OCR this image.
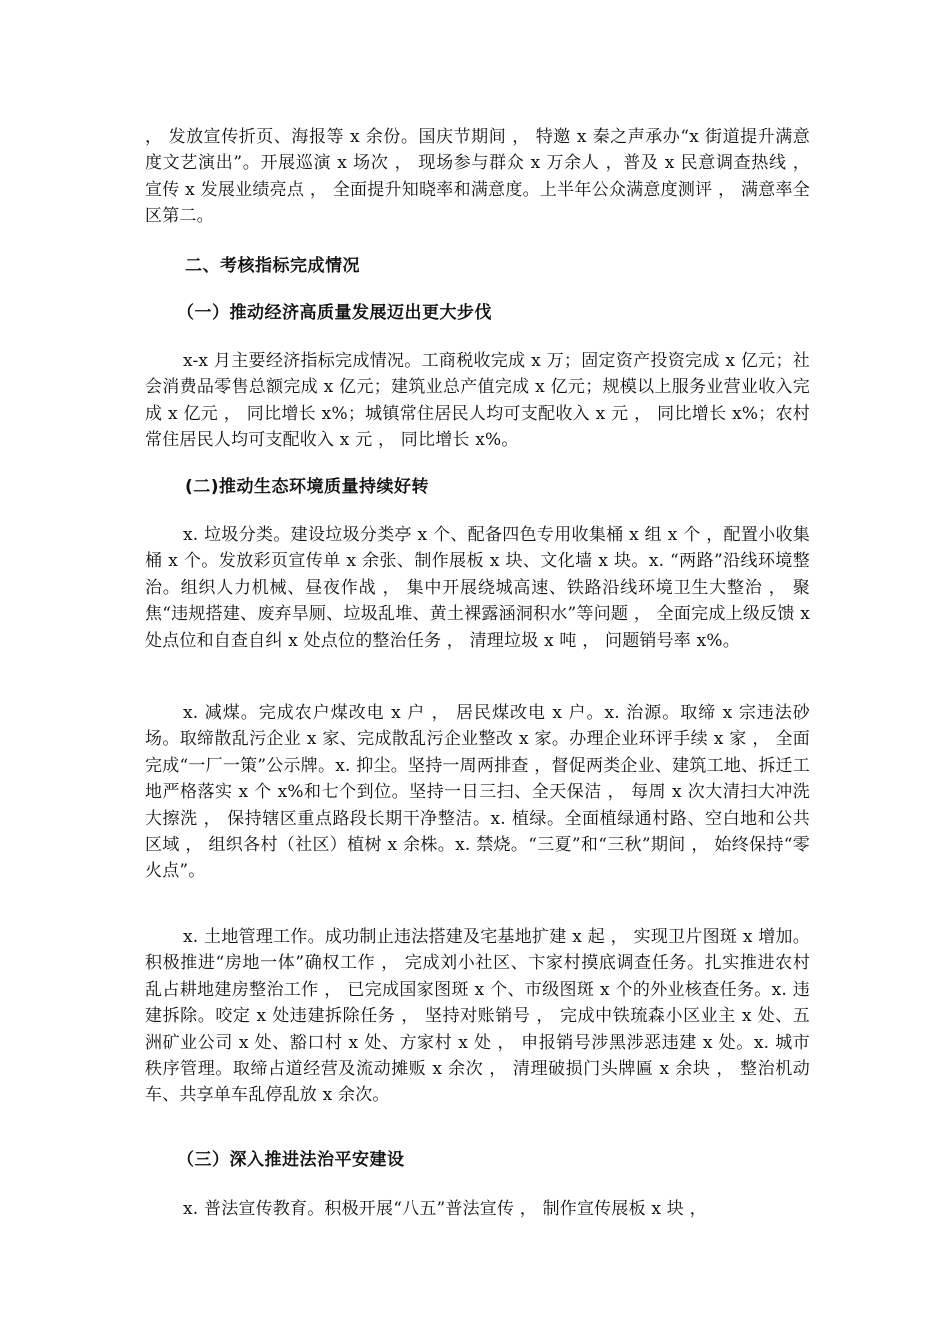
， 发放宣传折页、海报等 x 余份。国庆节期间 ， 特邀 x 秦之声承办“x 街道提升满意度文艺演出”。开展巡演 x 场次 ， 现场参与群众 x 万余人 ，普及 x 民意调查热线 ， 宣传 x 发展业绩亮点 ， 全面提升知晓率和满意度。上半年公众满意度测评 ， 满意率全区第二。

二、考核指标完成情况
（一）推动经济高质量发展迈出更大步伐

x-x 月主要经济指标完成情况。工商税收完成 x 万；固定资产投资完成 x 亿元；社会消费品零售总额完成 x 亿元；建筑业总产值完成 x 亿元；规模以上服务业营业收入完成 x 亿元 ， 同比增长 x%；城镇常住居民人均可支配收入 x 元 ， 同比增长 x%；农村常住居民人均可支配收入 x 元 ， 同比增长 x%。

(二)推动生态环境质量持续好转

x. 垃圾分类。建设垃圾分类亭 x 个、配备四色专用收集桶 x 组 x 个 ，配置小收集桶 x 个。发放彩页宣传单 x 余张、制作展板 x 块、文化墙 x 块。x. “两路”沿线环境整治。组织人力机械、昼夜作战 ， 集中开展绕城高速、铁路沿线环境卫生大整治 ， 聚焦“违规搭建、废弃旱厕、垃圾乱堆、黄土裸露涵洞积水”等问题 ， 全面完成上级反馈 x 处点位和自查自纠 x 处点位的整治任务 ， 清理垃圾 x 吨 ， 问题销号率 x%。

x. 减煤。完成农户煤改电 x 户 ， 居民煤改电 x 户。x. 治源。取缔 x 宗违法砂场。取缔散乱污企业 x 家、完成散乱污企业整改 x 家。办理企业环评手续 x 家 ， 全面完成“一厂一策”公示牌。x. 抑尘。坚持一周两排查 ，督促两类企业、建筑工地、拆迁工地严格落实 x 个 x%和七个到位。坚持一日三扫、全天保洁 ， 每周 x 次大清扫大冲洗大擦洗 ， 保持辖区重点路段长期干净整洁。x. 植绿。全面植绿通村路、空白地和公共区域 ， 组织各村（社区）植树 x 余株。x. 禁烧。“三夏”和“三秋”期间 ， 始终保持“零火点”。

x. 土地管理工作。成功制止违法搭建及宅基地扩建 x 起 ， 实现卫片图斑 x 增加。积极推进“房地一体”确权工作 ， 完成刘小社区、卞家村摸底调查任务。扎实推进农村乱占耕地建房整治工作 ， 已完成国家图斑 x 个、市级图斑 x 个的外业核查任务。x. 违建拆除。咬定 x 处违建拆除任务 ， 坚持对账销号 ， 完成中铁琉森小区业主 x 处、五洲矿业公司 x 处、豁口村 x 处、方家村 x 处 ， 申报销号涉黑涉恶违建 x 处。x. 城市秩序管理。取缔占道经营及流动摊贩 x 余次 ， 清理破损门头牌匾 x 余块 ， 整治机动车、共享单车乱停乱放 x 余次。

（三）深入推进法治平安建设

x. 普法宣传教育。积极开展“八五”普法宣传 ， 制作宣传展板 x 块 ，
